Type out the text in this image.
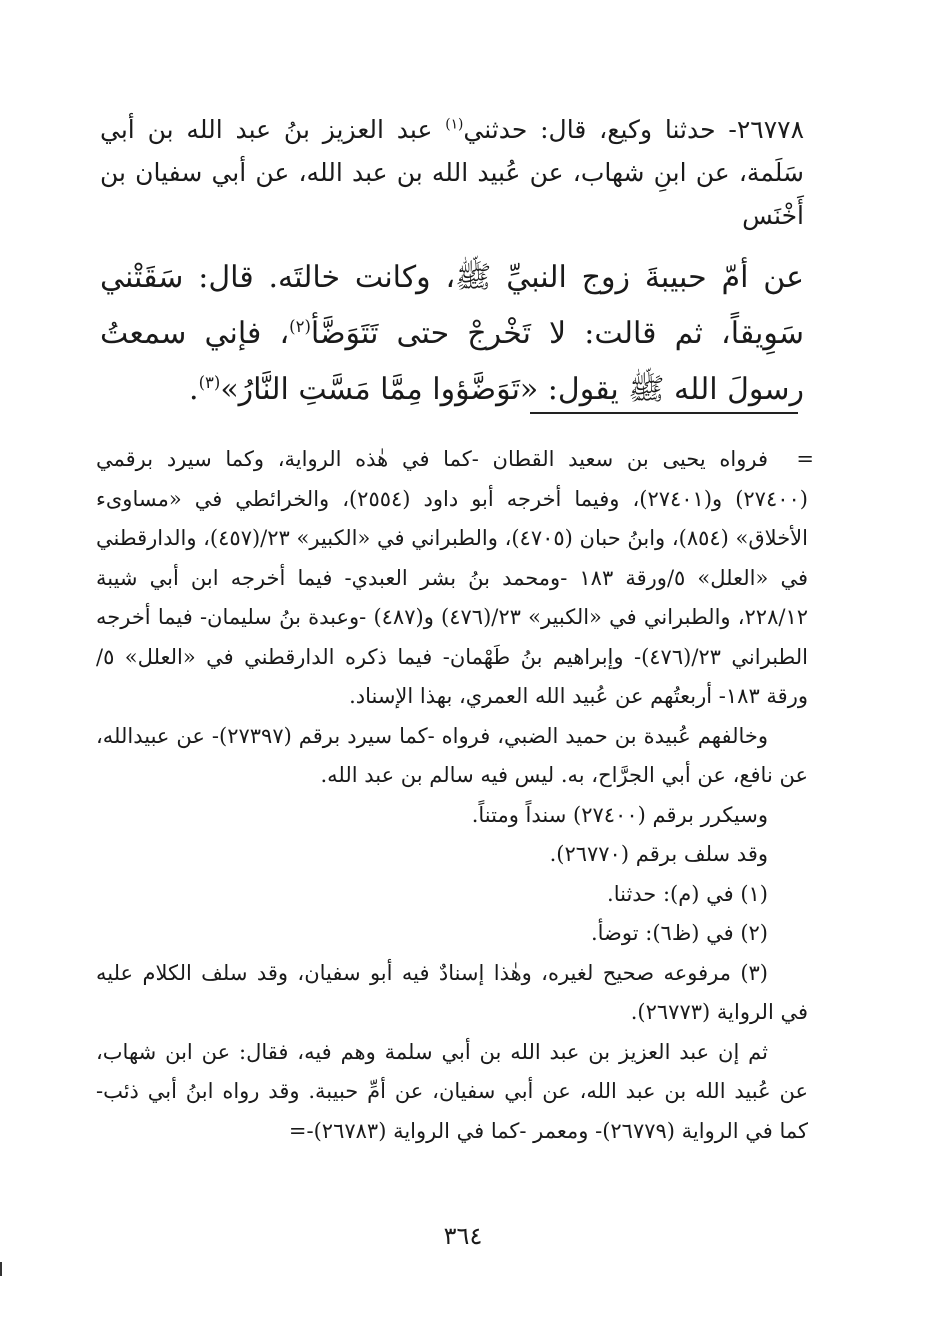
٢٦٧٧٨- حدثنا وكيع، قال: حدثني$^{(١)}$ عبد العزيز بنُ عبد الله بن أبي سَلَمة، عن ابنِ شهاب، عن عُبيد الله بن عبد الله، عن أبي سفيان بن أَخْنَس
عن أمّ حبيبةَ زوج النبيِّ ﷺ، وكانت خالتَه. قال: سَقَتْني سَوِيقاً، ثم قالت: لا تَخْرجْ حتى تَتَوَضَّأ$^{(٢)}$، فإني سمعتُ رسولَ الله ﷺ يقول: «تَوَضَّؤوا مِمَّا مَسَّتِ النَّارُ»$^{(٣)}$.
=

فرواه يحيى بن سعيد القطان -كما في هٰذه الرواية، وكما سيرد برقمي (٢٧٤٠٠) و(٢٧٤٠١)، وفيما أخرجه أبو داود (٢٥٥٤)، والخرائطي في «مساوىء الأخلاق» (٨٥٤)، وابنُ حبان (٤٧٠٥)، والطبراني في «الكبير» ٢٣/(٤٥٧)، والدارقطني في «العلل» ٥/ورقة ١٨٣ -ومحمد بنُ بشر العبدي- فيما أخرجه ابن أبي شيبة ٢٢٨/١٢، والطبراني في «الكبير» ٢٣/(٤٧٦) و(٤٨٧) -وعبدة بنُ سليمان- فيما أخرجه الطبراني ٢٣/(٤٧٦)- وإبراهيم بنُ طَهْمان- فيما ذكره الدارقطني في «العلل» ٥/ورقة ١٨٣- أربعتُهم عن عُبيد الله العمري، بهذا الإسناد.

وخالفهم عُبيدة بن حميد الضبي، فرواه -كما سيرد برقم (٢٧٣٩٧)- عن عبيدالله، عن نافع، عن أبي الجرَّاح، به. ليس فيه سالم بن عبد الله.

وسيكرر برقم (٢٧٤٠٠) سنداً ومتناً.

وقد سلف برقم (٢٦٧٧٠).

(١) في (م): حدثنا.

(٢) في (ظ٦): توضأ.

(٣) مرفوعه صحيح لغيره، وهٰذا إسنادٌ فيه أبو سفيان، وقد سلف الكلام عليه في الرواية (٢٦٧٧٣).

ثم إن عبد العزيز بن عبد الله بن أبي سلمة وهم فيه، فقال: عن ابن شهاب، عن عُبيد الله بن عبد الله، عن أبي سفيان، عن أمِّ حبيبة. وقد رواه ابنُ أبي ذئب- كما في الرواية (٢٦٧٧٩)- ومعمر -كما في الرواية (٢٦٧٨٣)-=

٣٦٤
